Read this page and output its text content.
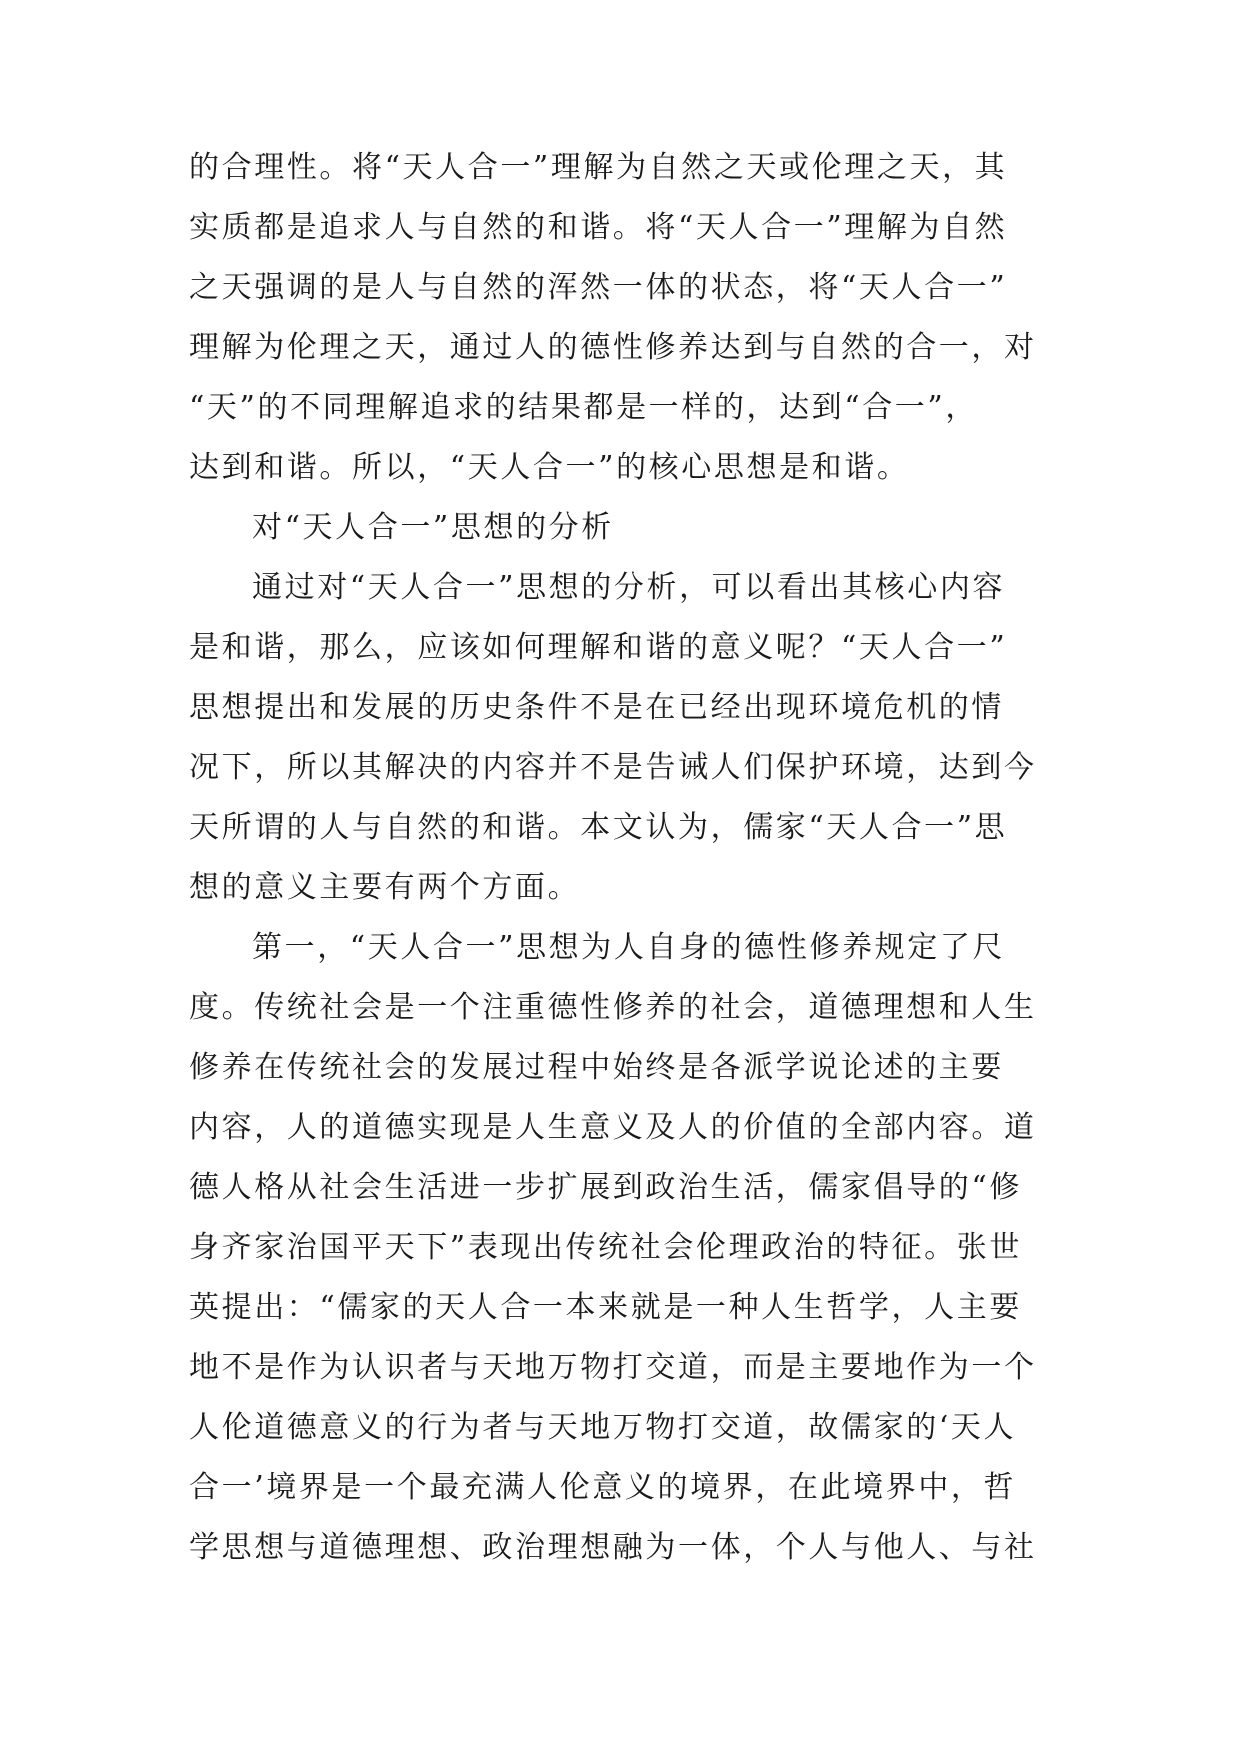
的合理性。将“天人合一”理解为自然之天或伦理之天，其
实质都是追求人与自然的和谐。将“天人合一”理解为自然
之天强调的是人与自然的浑然一体的状态，将“天人合一”
理解为伦理之天，通过人的德性修养达到与自然的合一，对
“天”的不同理解追求的结果都是一样的，达到“合一”，
达到和谐。所以，“天人合一”的核心思想是和谐。
对“天人合一”思想的分析
通过对“天人合一”思想的分析，可以看出其核心内容
是和谐，那么，应该如何理解和谐的意义呢？“天人合一”
思想提出和发展的历史条件不是在已经出现环境危机的情
况下，所以其解决的内容并不是告诫人们保护环境，达到今
天所谓的人与自然的和谐。本文认为，儒家“天人合一”思
想的意义主要有两个方面。
第一，“天人合一”思想为人自身的德性修养规定了尺
度。传统社会是一个注重德性修养的社会，道德理想和人生
修养在传统社会的发展过程中始终是各派学说论述的主要
内容，人的道德实现是人生意义及人的价值的全部内容。道
德人格从社会生活进一步扩展到政治生活，儒家倡导的“修
身齐家治国平天下”表现出传统社会伦理政治的特征。张世
英提出：“儒家的天人合一本来就是一种人生哲学，人主要
地不是作为认识者与天地万物打交道，而是主要地作为一个
人伦道德意义的行为者与天地万物打交道，故儒家的‘天人
合一’境界是一个最充满人伦意义的境界，在此境界中，哲
学思想与道德理想、政治理想融为一体，个人与他人、与社
